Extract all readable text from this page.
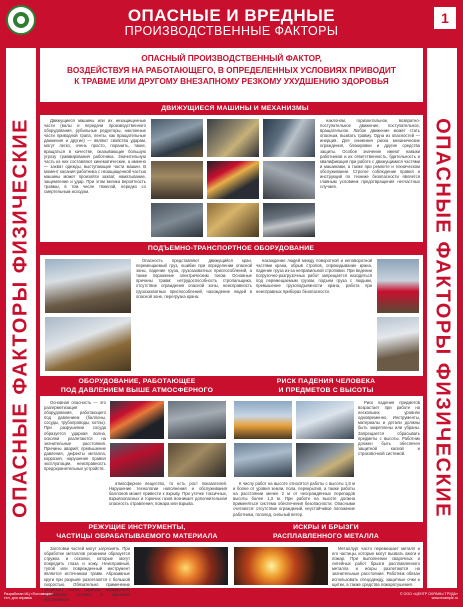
ОПАСНЫЕ И ВРЕДНЫЕ
ПРОИЗВОДСТВЕННЫЕ ФАКТОРЫ
1
ОПАСНЫЕ ФАКТОРЫ ФИЗИЧЕСКИЕ	ОПАСНЫЕ ФАКТОРЫ ФИЗИЧЕСКИЕ
ОПАСНЫЙ ПРОИЗВОДСТВЕННЫЙ ФАКТОР,
ВОЗДЕЙСТВУЯ НА РАБОТАЮЩЕГО, В ОПРЕДЕЛЕННЫХ УСЛОВИЯХ ПРИВОДИТ
К ТРАВМЕ ИЛИ ДРУГОМУ ВНЕЗАПНОМУ РЕЗКОМУ УХУДШЕНИЮ ЗДОРОВЬЯ
ДВИЖУЩИЕСЯ МАШИНЫ И МЕХАНИЗМЫ

Движущиеся машины или их незащищенные части (валы и передачи производственного оборудования, рубильные редукторы, наклонные части приводной трапа, ленты, как вращательные движения и другие) — являют свойства ударам, могут легко, очень просто, поранить, такие, вращаться в качестве, оказывающие большую угрозу травмирования работника. Значительную часть из них составляют кинематические, а именно — захват одежды, выступающие части машин. В момент касания работника с незащищенной частью машины может произойти захват, наматывание, защемление и удар. При этом велика вероятность травмы, в том числе тяжелой, нередко со смертельным исходом.

наклоном, горизонтальное, возвратно-поступательное движение, поступательное, вращательное. Любое движение может стать опасным, вызвать травму. Одна из опасностей — инерция. Для снижения риска механические ограждения, блокировки и другие средства защиты. Особое значение имеют навыки работников и их ответственность, бдительность и квалификация при работе с движущимися частями и машинами, а также при ремонте и техническом обслуживании. Строгое соблюдение правил и инструкций по технике безопасности является главным условием предотвращения несчастных случаев.

ПОДЪЕМНО-ТРАНСПОРТНОЕ ОБОРУДОВАНИЕ

Опасность представляют движущийся кран, перемещаемый груз, ошибки при определении опасной зоны, падение груза, грузозахватных приспособлений, а также поражение электрическим током. Основные причины травм: нетрудоспособность стропальщика, отсутствие ограждения опасной зоны, неисправность грузозахватных приспособлений, нахождение людей в опасной зоне, перегрузка крана.

нахождение людей между поворотной и неповоротной частями крана, обрыв стропов, опрокидывание крана, падение груза из-за неправильной строповки. При ведении погрузочно-разгрузочных работ запрещается находиться под перемещаемым грузом, подъем груза с людьми, превышение грузоподъемности крана, работа при неисправных приборах безопасности.

ОБОРУДОВАНИЕ, РАБОТАЮЩЕЕ
ПОД ДАВЛЕНИЕМ ВЫШЕ АТМОСФЕРНОГО
РИСК ПАДЕНИЯ ЧЕЛОВЕКА
И ПРЕДМЕТОВ С ВЫСОТЫ

Основная опасность — это разгерметизация оборудования, работающего под давлением (баллоны, сосуды, трубопроводы, котлы). При разрушении сосуда образуется ударная волна, осколки разлетаются на значительные расстояния. Причины аварий: превышение давления, дефекты металла, коррозия, нарушение правил эксплуатации, неисправность предохранительных устройств.

атмосферное вещество, то есть рост показателей. Нарушение технологии наполнения и обслуживания баллонов может привести к взрыву. При утечке токсичных, взрывоопасных и горючих газов возникает дополнительная опасность отравления, пожара или взрыва.

К числу работ на высоте относятся работы с высоты 1,8 м и более от уровня земли, пола, перекрытия, а также работы на расстоянии менее 2 м от неограждённых перепадов высоты более 1,3 м. При работе на высоте должна применяться система обеспечения безопасности. Опасными считаются: отсутствие ограждений, неустойчивое положение работника, гололед, сильный ветер.

Риск падения предметов возрастает при работе на нескольких уровнях одновременно. Инструменты, материалы и детали должны быть закреплены или убраны. Запрещается сбрасывать предметы с высоты. Работник должен быть обеспечен защитной каской и страховочной системой.

РЕЖУЩИЕ ИНСТРУМЕНТЫ,
ЧАСТИЦЫ ОБРАБАТЫВАЕМОГО МАТЕРИАЛА
ИСКРЫ И БРЫЗГИ
РАСПЛАВЛЕННОГО МЕТАЛЛА

Заготовки частей могут загрязнять. При обработке металлов резанием образуется стружка и осколки, которые могут повредить глаза и кожу. Неисправный, тупой или поврежденный инструмент является источником травм. Абразивные круги при разрыве разлетаются с большой скоростью. Обязательно применение защитных очков, экранов, ограждений, правильная заточка и хранение инструмента.

Металлург часто перемешает металл и его частицы, которые могут вызвать ожоги и пожар. При выполнении сварочных и литейных работ брызги расплавленного металла и искры разлетаются на значительные расстояния. Работник обязан использовать спецодежду, защитные очки и щитки, а также средства пожаротушения.

Разработан ИЦ «Поставщик»
тел. для справок
© ООО «ЦЕНТР ОХРАНЫ ТРУДА»
www.example.ru
